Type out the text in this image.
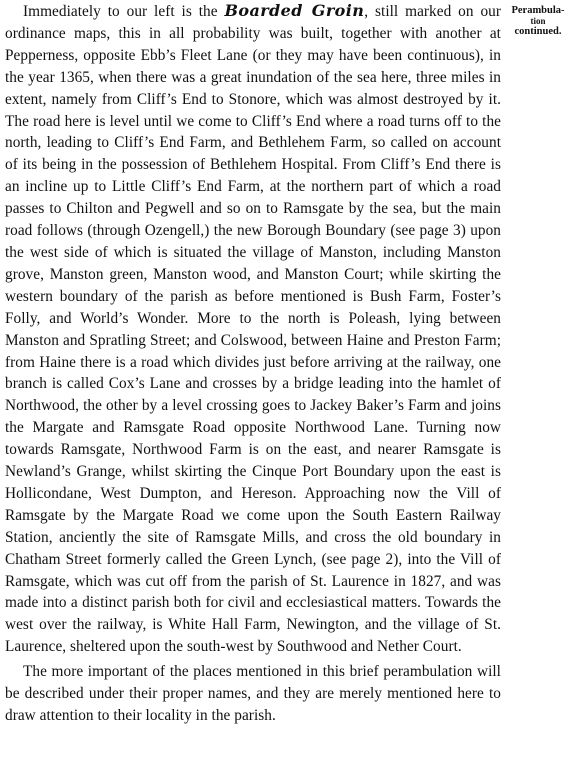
Perambula-
tion
continued.

Immediately to our left is the Boarded Groin, still marked on our ordinance maps, this in all probability was built, together with another at Pepperness, opposite Ebb’s Fleet Lane (or they may have been continuous), in the year 1365, when there was a great inundation of the sea here, three miles in extent, namely from Cliff’s End to Stonore, which was almost destroyed by it. The road here is level until we come to Cliff’s End where a road turns off to the north, leading to Cliff’s End Farm, and Bethlehem Farm, so called on account of its being in the possession of Bethlehem Hospital. From Cliff’s End there is an incline up to Little Cliff’s End Farm, at the northern part of which a road passes to Chilton and Pegwell and so on to Ramsgate by the sea, but the main road follows (through Ozengell,) the new Borough Boundary (see page 3) upon the west side of which is situated the village of Manston, including Manston grove, Manston green, Manston wood, and Manston Court; while skirting the western boundary of the parish as before mentioned is Bush Farm, Foster’s Folly, and World’s Wonder. More to the north is Poleash, lying between Manston and Spratling Street; and Colswood, between Haine and Preston Farm; from Haine there is a road which divides just before arriving at the railway, one branch is called Cox’s Lane and crosses by a bridge leading into the hamlet of Northwood, the other by a level crossing goes to Jackey Baker’s Farm and joins the Margate and Ramsgate Road opposite Northwood Lane. Turning now towards Ramsgate, Northwood Farm is on the east, and nearer Ramsgate is Newland’s Grange, whilst skirting the Cinque Port Boundary upon the east is Hollicondane, West Dumpton, and Hereson. Approaching now the Vill of Ramsgate by the Margate Road we come upon the South Eastern Railway Station, anciently the site of Ramsgate Mills, and cross the old boundary in Chatham Street formerly called the Green Lynch, (see page 2), into the Vill of Ramsgate, which was cut off from the parish of St. Laurence in 1827, and was made into a distinct parish both for civil and ecclesiastical matters. Towards the west over the railway, is White Hall Farm, Newington, and the village of St. Laurence, sheltered upon the south-west by Southwood and Nether Court.

The more important of the places mentioned in this brief perambulation will be described under their proper names, and they are merely mentioned here to draw attention to their locality in the parish.
